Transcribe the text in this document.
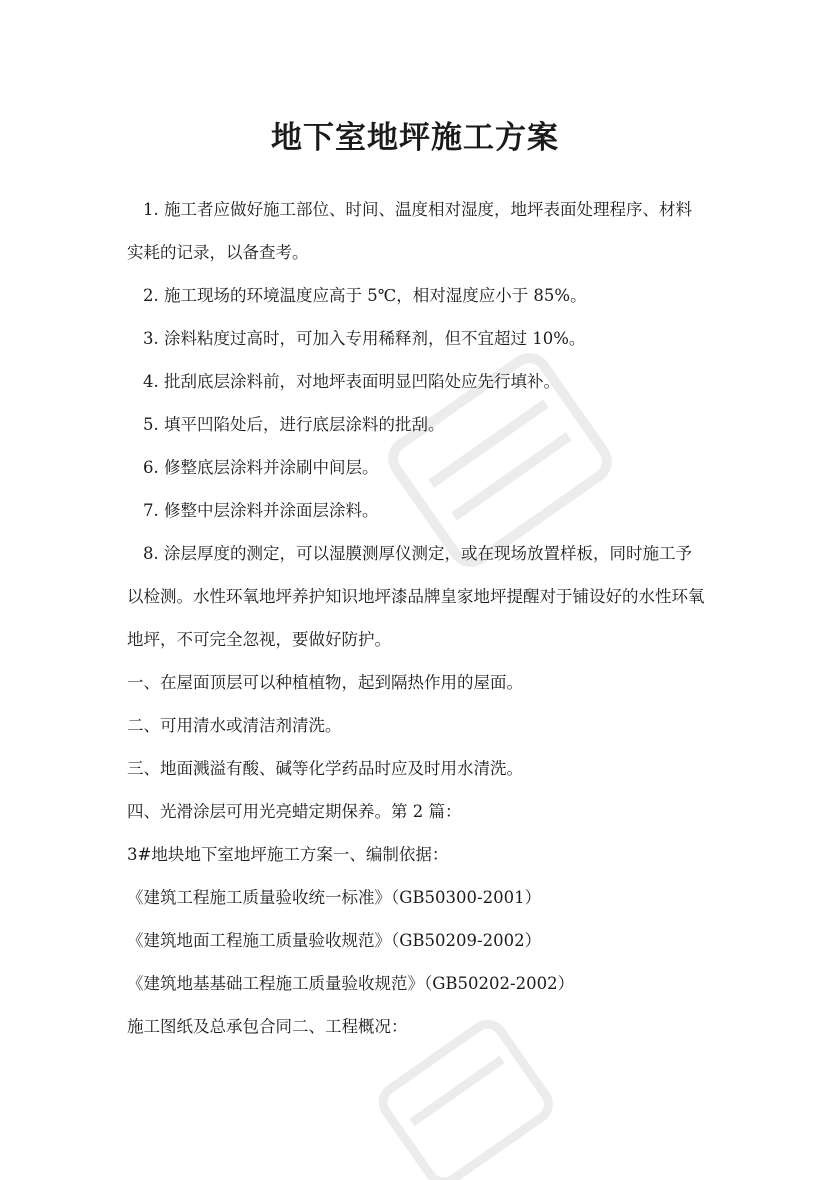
地下室地坪施工方案

1. 施工者应做好施工部位、时间、温度相对湿度，地坪表面处理程序、材料实耗的记录，以备查考。

2. 施工现场的环境温度应高于 5℃，相对湿度应小于 85%。

3. 涂料粘度过高时，可加入专用稀释剂，但不宜超过 10%。

4. 批刮底层涂料前，对地坪表面明显凹陷处应先行填补。

5. 填平凹陷处后，进行底层涂料的批刮。

6. 修整底层涂料并涂刷中间层。

7. 修整中层涂料并涂面层涂料。

8. 涂层厚度的测定，可以湿膜测厚仪测定，或在现场放置样板，同时施工予以检测。水性环氧地坪养护知识地坪漆品牌皇家地坪提醒对于铺设好的水性环氧地坪，不可完全忽视，要做好防护。

一、在屋面顶层可以种植植物，起到隔热作用的屋面。

二、可用清水或清洁剂清洗。

三、地面溅溢有酸、碱等化学药品时应及时用水清洗。

四、光滑涂层可用光亮蜡定期保养。第 2 篇：

3#地块地下室地坪施工方案一、编制依据：

《建筑工程施工质量验收统一标准》（GB50300-2001）

《建筑地面工程施工质量验收规范》（GB50209-2002）

《建筑地基基础工程施工质量验收规范》（GB50202-2002）

施工图纸及总承包合同二、工程概况：
